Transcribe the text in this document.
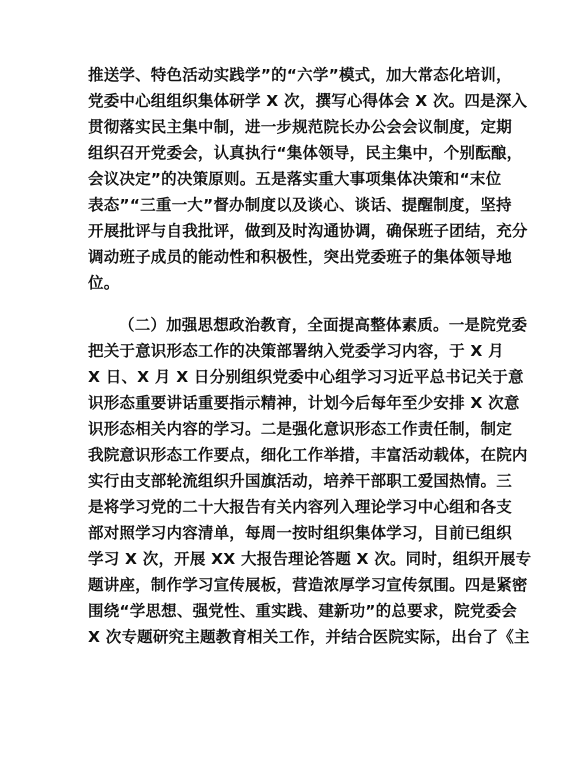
推送学、特色活动实践学”的“六学”模式，加大常态化培训，
党委中心组组织集体研学 X 次，撰写心得体会 X 次。四是深入
贯彻落实民主集中制，进一步规范院长办公会会议制度，定期
组织召开党委会，认真执行“集体领导，民主集中，个别酝酿，
会议决定”的决策原则。五是落实重大事项集体决策和“末位
表态”“三重一大”督办制度以及谈心、谈话、提醒制度，坚持
开展批评与自我批评，做到及时沟通协调，确保班子团结，充分
调动班子成员的能动性和积极性，突出党委班子的集体领导地
位。
（二）加强思想政治教育，全面提高整体素质。一是院党委
把关于意识形态工作的决策部署纳入党委学习内容，于 X 月
X 日、X 月 X 日分别组织党委中心组学习习近平总书记关于意
识形态重要讲话重要指示精神，计划今后每年至少安排 X 次意
识形态相关内容的学习。二是强化意识形态工作责任制，制定
我院意识形态工作要点，细化工作举措，丰富活动载体，在院内
实行由支部轮流组织升国旗活动，培养干部职工爱国热情。三
是将学习党的二十大报告有关内容列入理论学习中心组和各支
部对照学习内容清单，每周一按时组织集体学习，目前已组织
学习 X 次，开展 XX 大报告理论答题 X 次。同时，组织开展专
题讲座，制作学习宣传展板，营造浓厚学习宣传氛围。四是紧密
围绕“学思想、强党性、重实践、建新功”的总要求，院党委会
X 次专题研究主题教育相关工作，并结合医院实际，出台了《主
